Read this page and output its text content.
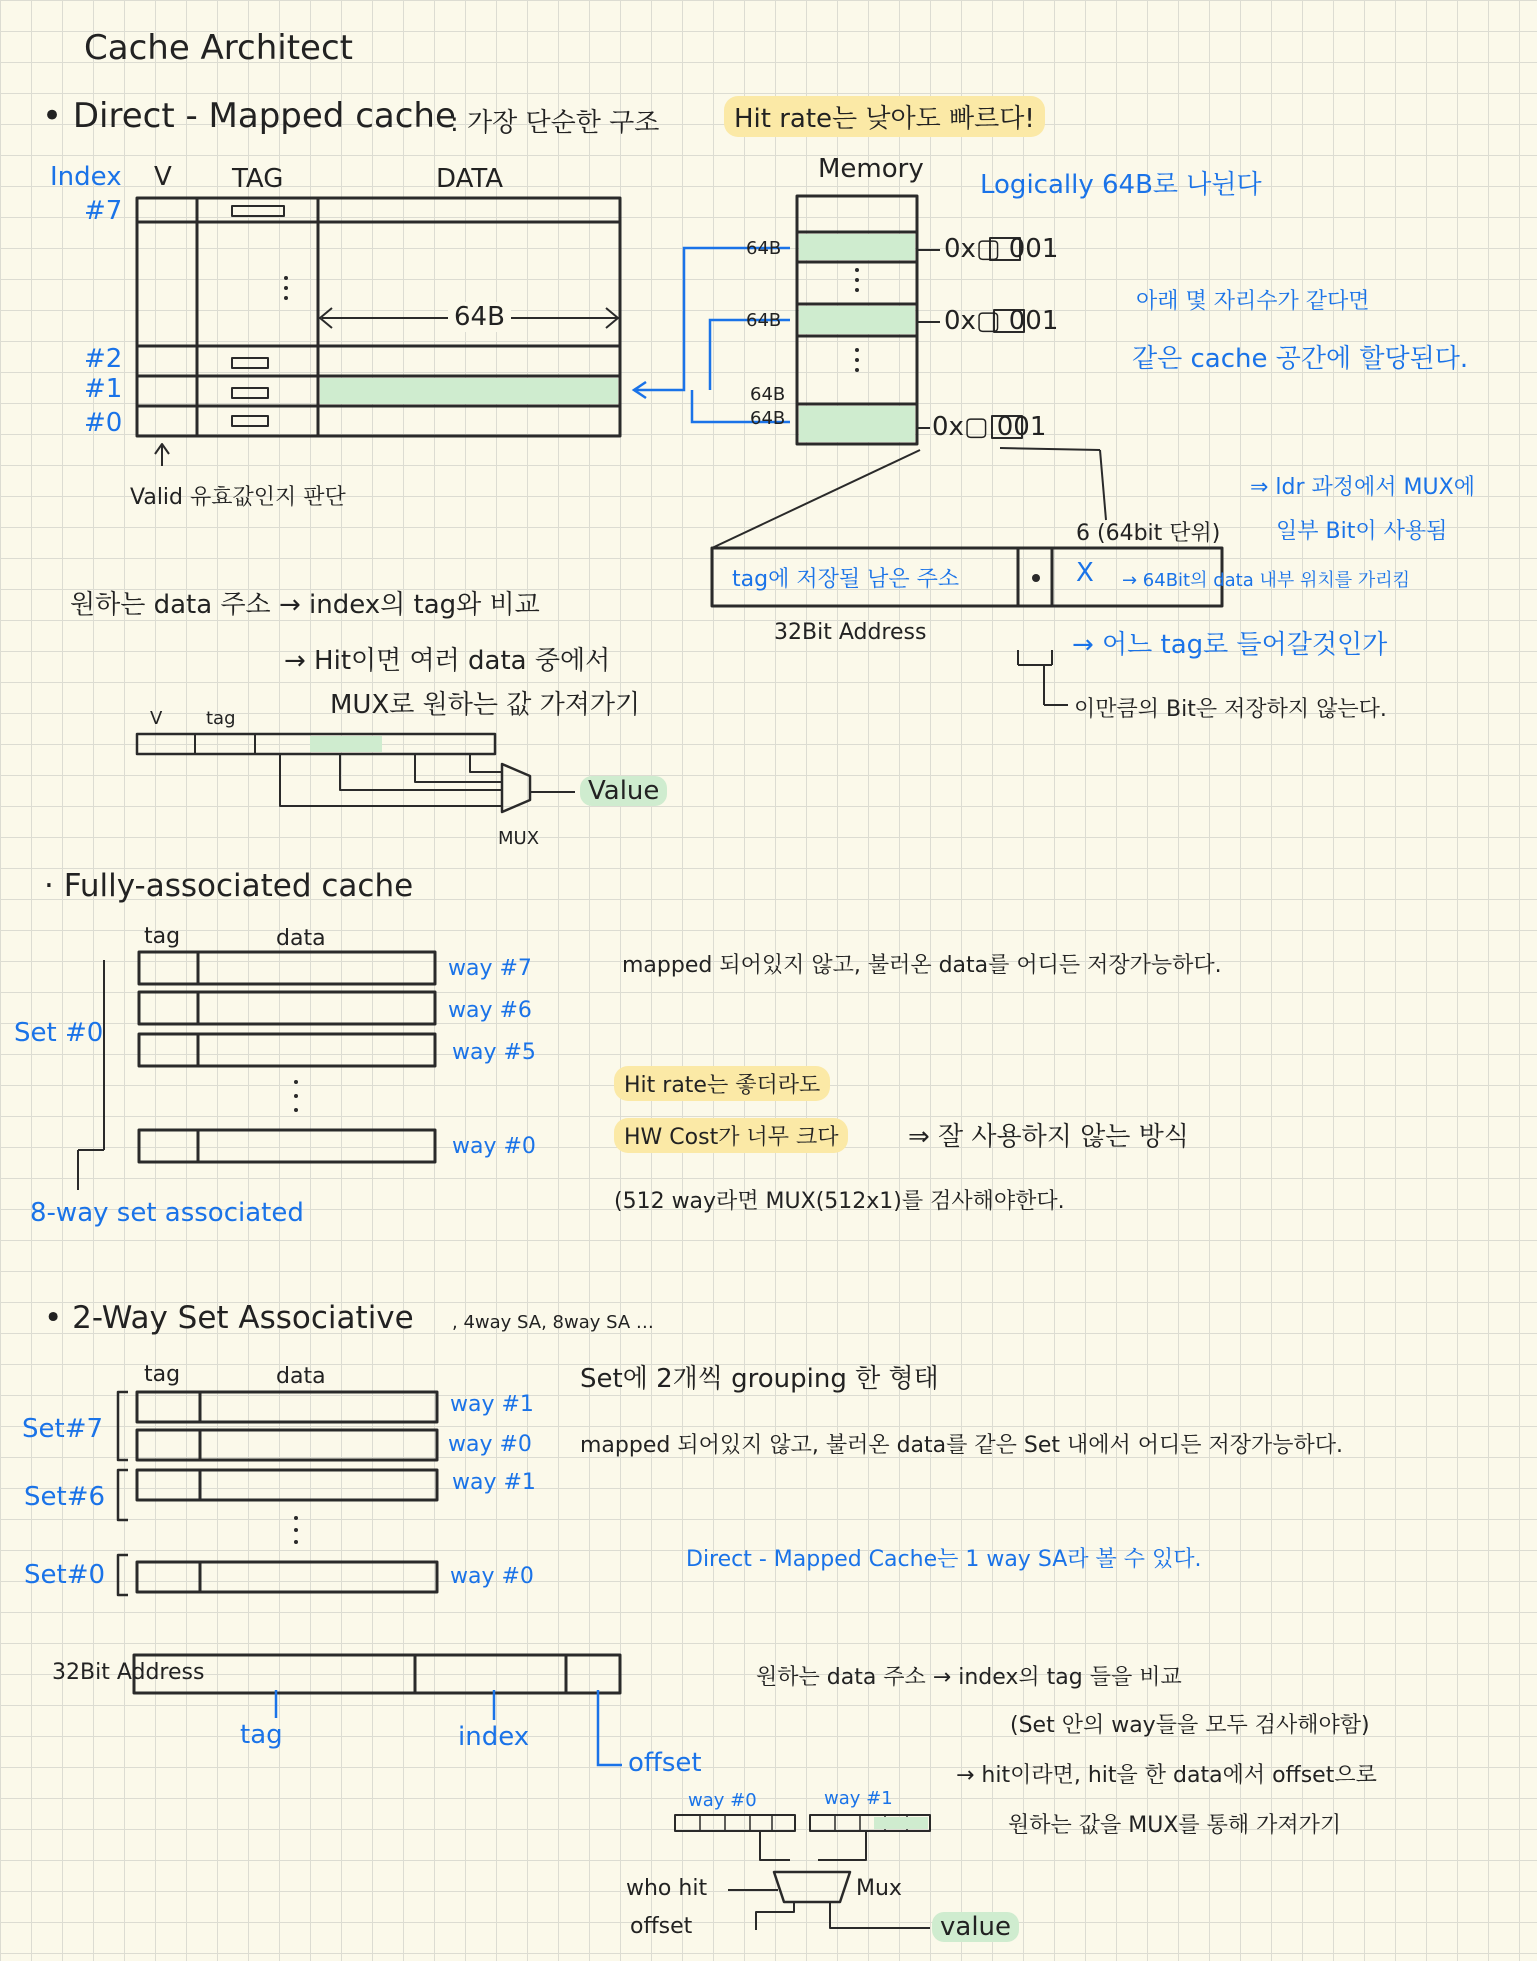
Cache Architect
• Direct - Mapped cache
: 가장 단순한 구조	Hit rate는 낮아도 빠르다!
Index V TAG	DATA
#7
#2
#1
#0
64B
Valid 유효값인지 판단
Memory
64B
64B
64B
64B
0x▢ 001
0x▢ 001
0x▢ 001
Logically 64B로 나뉜다
아래 몇 자리수가 같다면
같은 cache 공간에 할당된다.
⇒ ldr 과정에서 MUX에
일부 Bit이 사용됨
6 (64bit 단위)
tag에 저장될 남은 주소	X
32Bit Address
→ 64Bit의 data 내부 위치를 가리킴
→ 어느 tag로 들어갈것인가
이만큼의 Bit은 저장하지 않는다.
원하는 data 주소 → index의 tag와 비교
→ Hit이면 여러 data 중에서
MUX로 원하는 값 가져가기
V tag
MUX
Value
· Fully-associated cache
tag	data
Set #0
way #7
way #6
way #5
way #0
8-way set associated
mapped 되어있지 않고, 불러온 data를 어디든 저장가능하다.
Hit rate는 좋더라도
HW Cost가 너무 크다	⇒ 잘 사용하지 않는 방식
(512 way라면 MUX(512x1)를 검사해야한다.
• 2-Way Set Associative , 4way SA, 8way SA …
tag	data
Set#7
Set#6
Set#0
way #1
way #0
way #1
way #0
Set에 2개씩 grouping 한 형태
mapped 되어있지 않고, 불러온 data를 같은 Set 내에서 어디든 저장가능하다.
Direct - Mapped Cache는 1 way SA라 볼 수 있다.
32Bit Address
tag	index
offset
원하는 data 주소 → index의 tag 들을 비교
(Set 안의 way들을 모두 검사해야함)
→ hit이라면, hit을 한 data에서 offset으로
원하는 값을 MUX를 통해 가져가기
way #0	way #1
who hit
offset
Mux
value
